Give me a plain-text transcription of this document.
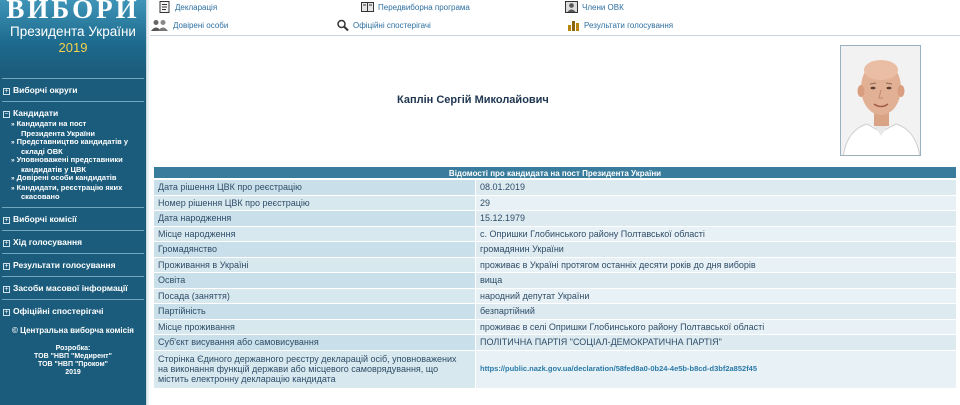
ВИБОРИ
Президента України
2019
+ Виборчі округи
− Кандидати
» Кандидати на пост
Президента України
» Представництво кандидатів у
складі ОВК
» Уповноважені представники
кандидатів у ЦВК
» Довірені особи кандидатів
» Кандидати, реєстрацію яких
скасовано
+ Виборчі комісії
+ Хід голосування
+ Результати голосування
+ Засоби масової інформації
+ Офіційні спостерігачі
© Центральна виборча комісія
Розробка:
ТОВ "НВП "Медирент"
ТОВ "НВП "Проком"
2019
Декларація	Передвиборна програма	Члени ОВК
Довірені особи	Офіційні спостерігачі	Результати голосування
Каплін Сергій Миколайович
Відомості про кандидата на пост Президента України
Дата рішення ЦВК про реєстрацію	08.01.2019
Номер рішення ЦВК про реєстрацію	29
Дата народження	15.12.1979
Місце народження	с. Опришки Глобинського району Полтавської області
Громадянство	громадянин України
Проживання в Україні	проживає в Україні протягом останніх десяти років до дня виборів
Освіта	вища
Посада (заняття)	народний депутат України
Партійність	безпартійний
Місце проживання	проживає в селі Опришки Глобинського району Полтавської області
Суб'єкт висування або самовисування	ПОЛІТИЧНА ПАРТІЯ "СОЦІАЛ-ДЕМОКРАТИЧНА ПАРТІЯ"
Сторінка Єдиного державного реєстру декларацій осіб, уповноважених
на виконання функцій держави або місцевого самоврядування, що
містить електронну декларацію кандидата	https://public.nazk.gov.ua/declaration/58fed8a0-0b24-4e5b-b8cd-d3bf2a852f45
